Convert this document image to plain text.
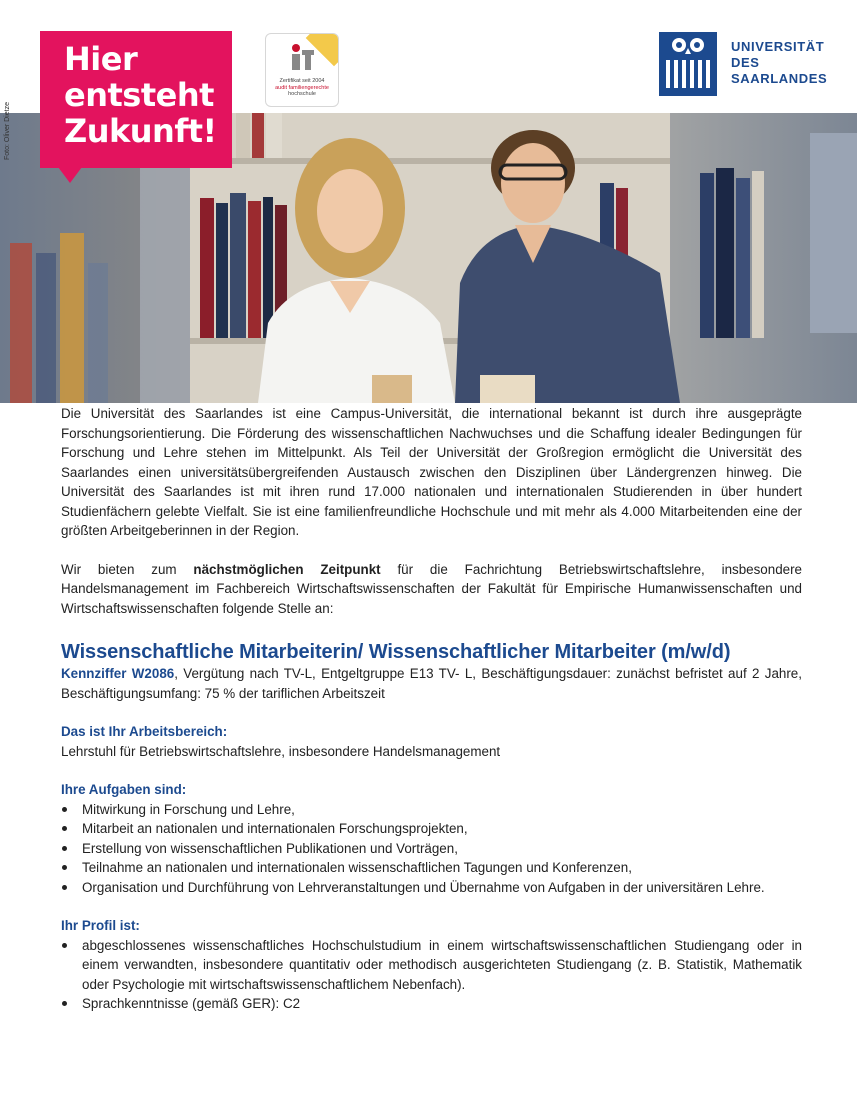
Hier
entsteht
Zukunft!
Zertifikat seit 2004
audit familiengerechte
hochschule
UNIVERSITÄT
DES
SAARLANDES
Foto: Oliver Dietze

Die Universität des Saarlandes ist eine Campus-Universität, die international bekannt ist durch ihre ausgeprägte Forschungsorientierung. Die Förderung des wissenschaftlichen Nachwuchses und die Schaffung idealer Bedingungen für Forschung und Lehre stehen im Mittelpunkt. Als Teil der Universität der Großregion ermöglicht die Universität des Saarlandes einen universitätsübergreifenden Austausch zwischen den Disziplinen über Ländergrenzen hinweg. Die Universität des Saarlandes ist mit ihren rund 17.000 nationalen und internationalen Studierenden in über hundert Studienfächern gelebte Vielfalt. Sie ist eine familienfreundliche Hochschule und mit mehr als 4.000 Mitarbeitenden eine der größten Arbeitgeberinnen in der Region.

Wir bieten zum nächstmöglichen Zeitpunkt für die Fachrichtung Betriebswirtschaftslehre, insbesondere Handelsmanagement im Fachbereich Wirtschaftswissenschaften der Fakultät für Empirische Humanwissenschaften und Wirtschaftswissenschaften folgende Stelle an:

Wissenschaftliche Mitarbeiterin/ Wissenschaftlicher Mitarbeiter (m/w/d)

Kennziffer W2086, Vergütung nach TV-L, Entgeltgruppe E13 TV- L, Beschäftigungsdauer: zunächst befristet auf 2 Jahre, Beschäftigungsumfang: 75 % der tariflichen Arbeitszeit

Das ist Ihr Arbeitsbereich:

Lehrstuhl für Betriebswirtschaftslehre, insbesondere Handelsmanagement

Ihre Aufgaben sind:

Mitwirkung in Forschung und Lehre,
Mitarbeit an nationalen und internationalen Forschungsprojekten,
Erstellung von wissenschaftlichen Publikationen und Vorträgen,
Teilnahme an nationalen und internationalen wissenschaftlichen Tagungen und Konferenzen,
Organisation und Durchführung von Lehrveranstaltungen und Übernahme von Aufgaben in der universitären Lehre.

Ihr Profil ist:

abgeschlossenes wissenschaftliches Hochschulstudium in einem wirtschaftswissenschaftlichen Studiengang oder in einem verwandten, insbesondere quantitativ oder methodisch ausgerichteten Studiengang (z. B. Statistik, Mathematik oder Psychologie mit wirtschaftswissenschaftlichem Nebenfach).
Sprachkenntnisse (gemäß GER): C2
